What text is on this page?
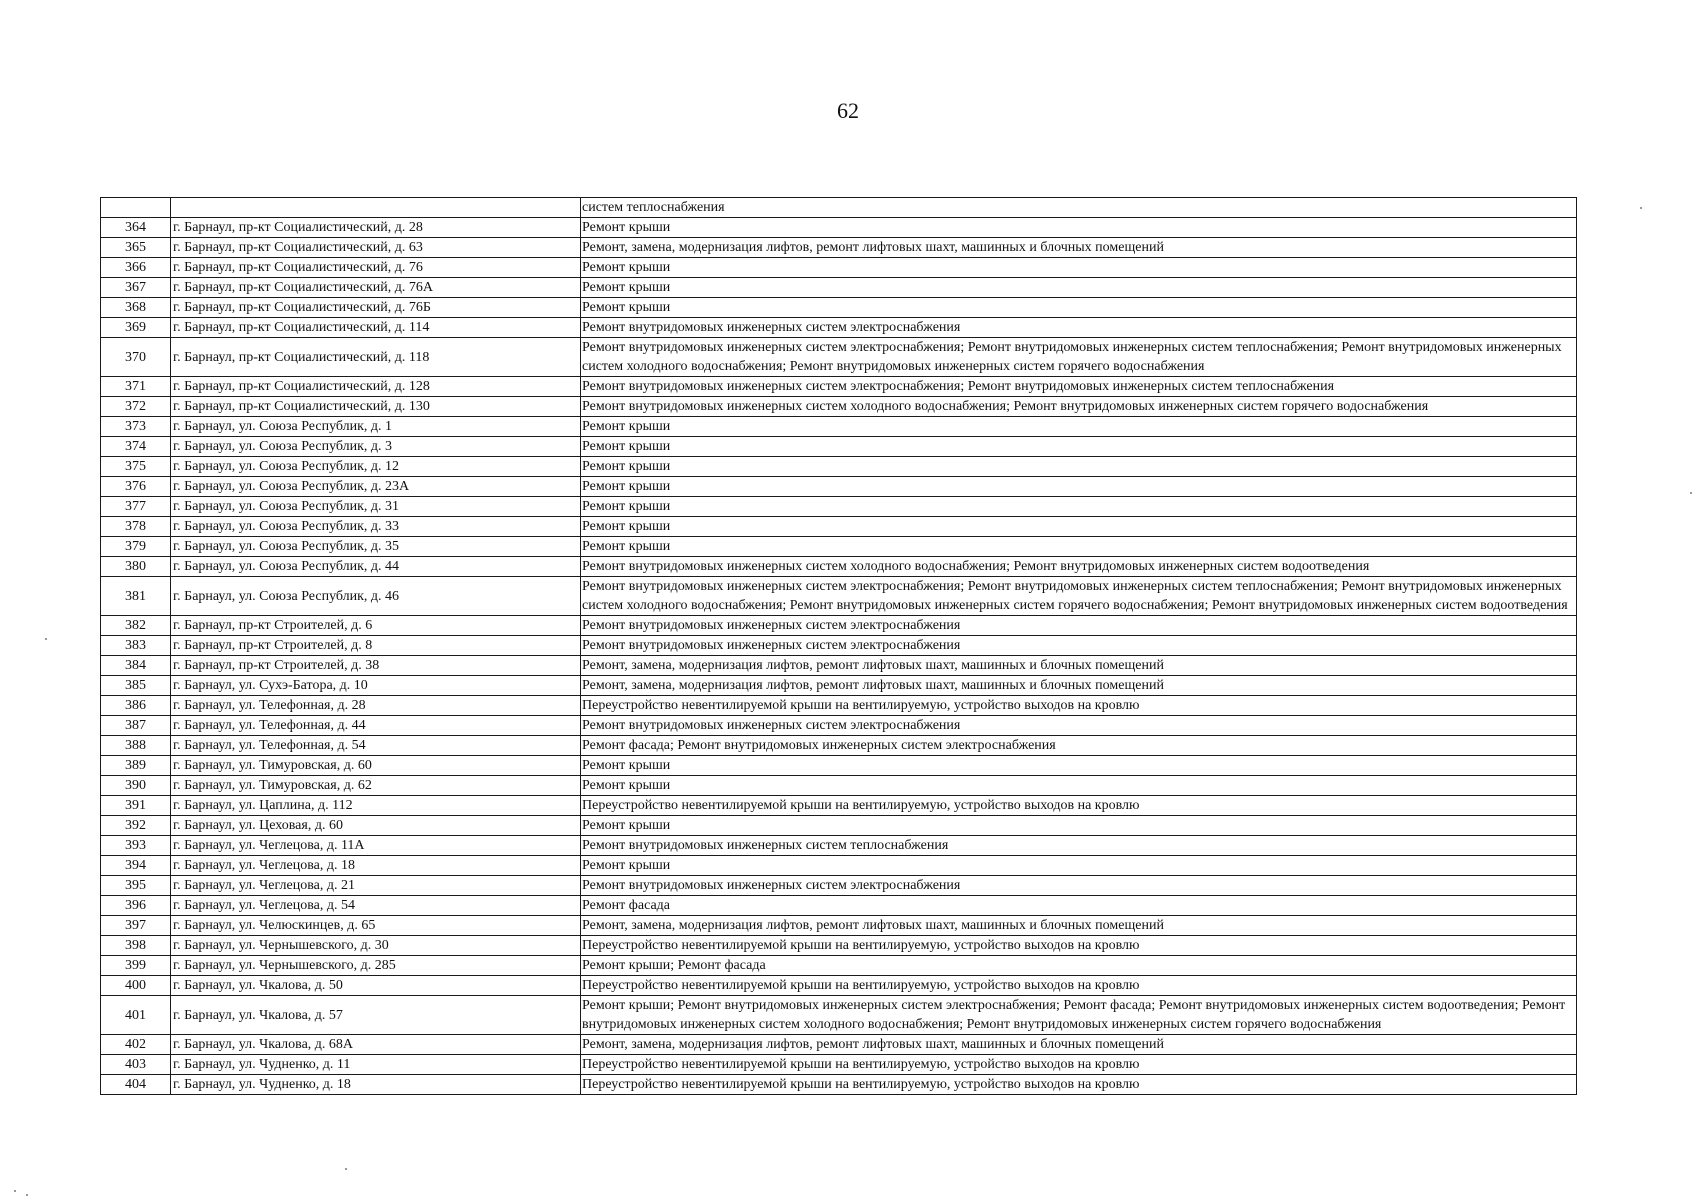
62
		систем теплоснабжения
364	г. Барнаул, пр-кт Социалистический, д. 28	Ремонт крыши
365	г. Барнаул, пр-кт Социалистический, д. 63	Ремонт, замена, модернизация лифтов, ремонт лифтовых шахт, машинных и блочных помещений
366	г. Барнаул, пр-кт Социалистический, д. 76	Ремонт крыши
367	г. Барнаул, пр-кт Социалистический, д. 76А	Ремонт крыши
368	г. Барнаул, пр-кт Социалистический, д. 76Б	Ремонт крыши
369	г. Барнаул, пр-кт Социалистический, д. 114	Ремонт внутридомовых инженерных систем электроснабжения
370	г. Барнаул, пр-кт Социалистический, д. 118	Ремонт внутридомовых инженерных систем электроснабжения; Ремонт внутридомовых инженерных систем теплоснабжения; Ремонт внутридомовых инженерных систем холодного водоснабжения; Ремонт внутридомовых инженерных систем горячего водоснабжения
371	г. Барнаул, пр-кт Социалистический, д. 128	Ремонт внутридомовых инженерных систем электроснабжения; Ремонт внутридомовых инженерных систем теплоснабжения
372	г. Барнаул, пр-кт Социалистический, д. 130	Ремонт внутридомовых инженерных систем холодного водоснабжения; Ремонт внутридомовых инженерных систем горячего водоснабжения
373	г. Барнаул, ул. Союза Республик, д. 1	Ремонт крыши
374	г. Барнаул, ул. Союза Республик, д. 3	Ремонт крыши
375	г. Барнаул, ул. Союза Республик, д. 12	Ремонт крыши
376	г. Барнаул, ул. Союза Республик, д. 23А	Ремонт крыши
377	г. Барнаул, ул. Союза Республик, д. 31	Ремонт крыши
378	г. Барнаул, ул. Союза Республик, д. 33	Ремонт крыши
379	г. Барнаул, ул. Союза Республик, д. 35	Ремонт крыши
380	г. Барнаул, ул. Союза Республик, д. 44	Ремонт внутридомовых инженерных систем холодного водоснабжения; Ремонт внутридомовых инженерных систем водоотведения
381	г. Барнаул, ул. Союза Республик, д. 46	Ремонт внутридомовых инженерных систем электроснабжения; Ремонт внутридомовых инженерных систем теплоснабжения; Ремонт внутридомовых инженерных систем холодного водоснабжения; Ремонт внутридомовых инженерных систем горячего водоснабжения; Ремонт внутридомовых инженерных систем водоотведения
382	г. Барнаул, пр-кт Строителей, д. 6	Ремонт внутридомовых инженерных систем электроснабжения
383	г. Барнаул, пр-кт Строителей, д. 8	Ремонт внутридомовых инженерных систем электроснабжения
384	г. Барнаул, пр-кт Строителей, д. 38	Ремонт, замена, модернизация лифтов, ремонт лифтовых шахт, машинных и блочных помещений
385	г. Барнаул, ул. Сухэ-Батора, д. 10	Ремонт, замена, модернизация лифтов, ремонт лифтовых шахт, машинных и блочных помещений
386	г. Барнаул, ул. Телефонная, д. 28	Переустройство невентилируемой крыши на вентилируемую, устройство выходов на кровлю
387	г. Барнаул, ул. Телефонная, д. 44	Ремонт внутридомовых инженерных систем электроснабжения
388	г. Барнаул, ул. Телефонная, д. 54	Ремонт фасада; Ремонт внутридомовых инженерных систем электроснабжения
389	г. Барнаул, ул. Тимуровская, д. 60	Ремонт крыши
390	г. Барнаул, ул. Тимуровская, д. 62	Ремонт крыши
391	г. Барнаул, ул. Цаплина, д. 112	Переустройство невентилируемой крыши на вентилируемую, устройство выходов на кровлю
392	г. Барнаул, ул. Цеховая, д. 60	Ремонт крыши
393	г. Барнаул, ул. Чеглецова, д. 11А	Ремонт внутридомовых инженерных систем теплоснабжения
394	г. Барнаул, ул. Чеглецова, д. 18	Ремонт крыши
395	г. Барнаул, ул. Чеглецова, д. 21	Ремонт внутридомовых инженерных систем электроснабжения
396	г. Барнаул, ул. Чеглецова, д. 54	Ремонт фасада
397	г. Барнаул, ул. Челюскинцев, д. 65	Ремонт, замена, модернизация лифтов, ремонт лифтовых шахт, машинных и блочных помещений
398	г. Барнаул, ул. Чернышевского, д. 30	Переустройство невентилируемой крыши на вентилируемую, устройство выходов на кровлю
399	г. Барнаул, ул. Чернышевского, д. 285	Ремонт крыши; Ремонт фасада
400	г. Барнаул, ул. Чкалова, д. 50	Переустройство невентилируемой крыши на вентилируемую, устройство выходов на кровлю
401	г. Барнаул, ул. Чкалова, д. 57	Ремонт крыши; Ремонт внутридомовых инженерных систем электроснабжения; Ремонт фасада; Ремонт внутридомовых инженерных систем водоотведения; Ремонт внутридомовых инженерных систем холодного водоснабжения; Ремонт внутридомовых инженерных систем горячего водоснабжения
402	г. Барнаул, ул. Чкалова, д. 68А	Ремонт, замена, модернизация лифтов, ремонт лифтовых шахт, машинных и блочных помещений
403	г. Барнаул, ул. Чудненко, д. 11	Переустройство невентилируемой крыши на вентилируемую, устройство выходов на кровлю
404	г. Барнаул, ул. Чудненко, д. 18	Переустройство невентилируемой крыши на вентилируемую, устройство выходов на кровлю
